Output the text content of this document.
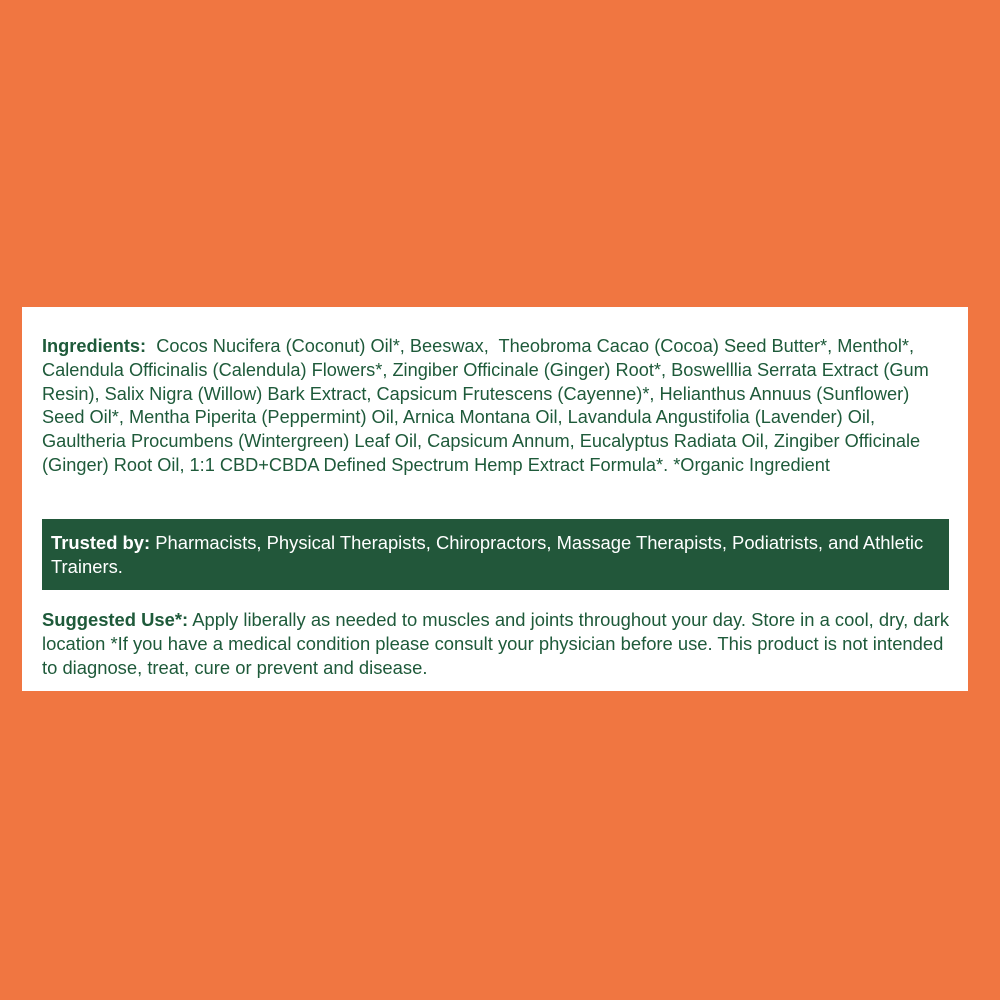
Ingredients: Cocos Nucifera (Coconut) Oil*, Beeswax,  Theobroma Cacao (Cocoa) Seed Butter*, Menthol*, Calendula Officinalis (Calendula) Flowers*, Zingiber Officinale (Ginger) Root*, Boswelllia Serrata Extract (Gum Resin), Salix Nigra (Willow) Bark Extract, Capsicum Frutescens (Cayenne)*, Helianthus Annuus (Sunflower) Seed Oil*, Mentha Piperita (Peppermint) Oil, Arnica Montana Oil, Lavandula Angustifolia (Lavender) Oil, Gaultheria Procumbens (Wintergreen) Leaf Oil, Capsicum Annum, Eucalyptus Radiata Oil, Zingiber Officinale (Ginger) Root Oil, 1:1 CBD+CBDA Defined Spectrum Hemp Extract Formula*. *Organic Ingredient

Trusted by: Pharmacists, Physical Therapists, Chiropractors, Massage Therapists, Podiatrists, and Athletic Trainers.

Suggested Use*: Apply liberally as needed to muscles and joints throughout your day. Store in a cool, dry, dark location *If you have a medical condition please consult your physician before use. This product is not intended to diagnose, treat, cure or prevent and disease.
